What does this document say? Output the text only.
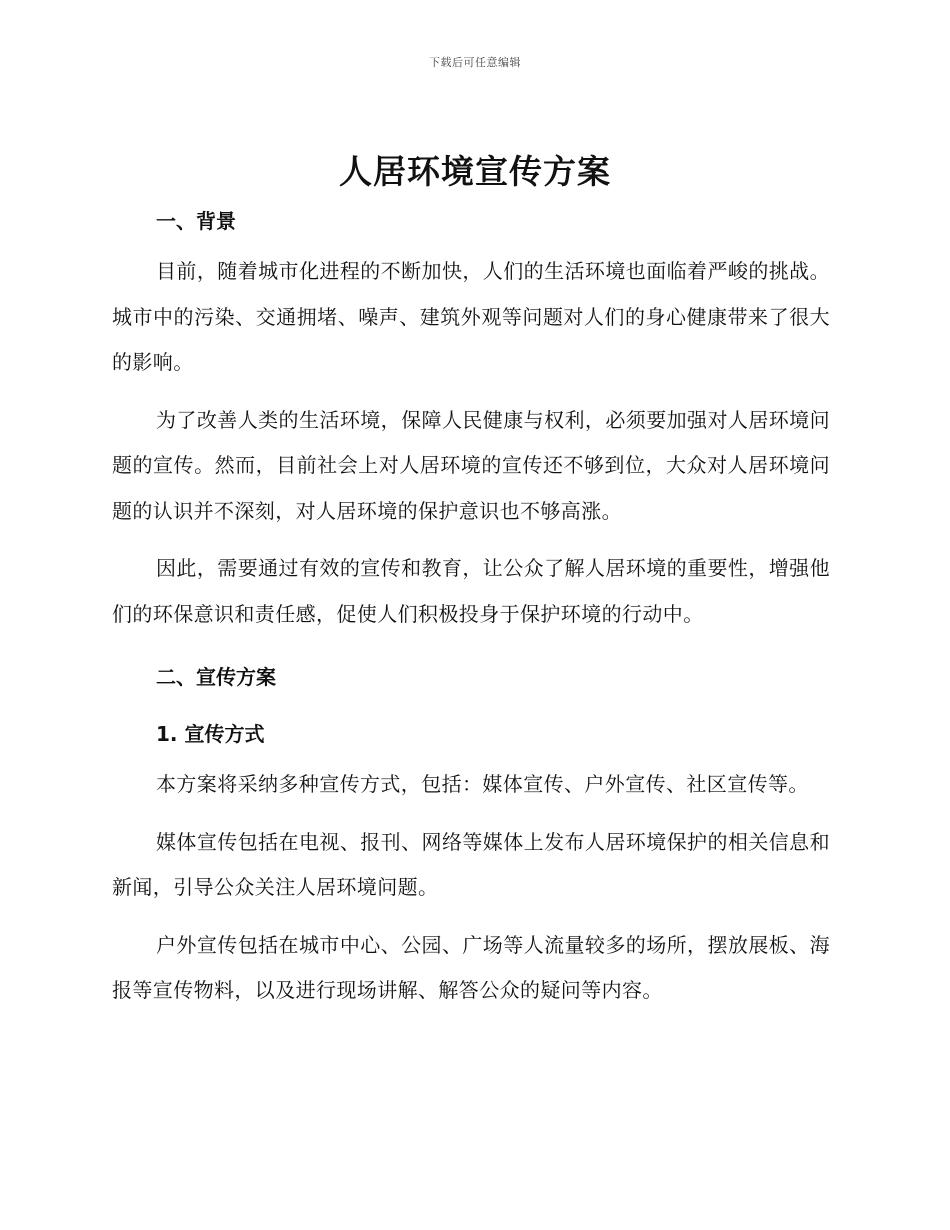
下载后可任意编辑
人居环境宣传方案
一、背景

目前，随着城市化进程的不断加快，人们的生活环境也面临着严峻的挑战。城市中的污染、交通拥堵、噪声、建筑外观等问题对人们的身心健康带来了很大的影响。

为了改善人类的生活环境，保障人民健康与权利，必须要加强对人居环境问题的宣传。然而，目前社会上对人居环境的宣传还不够到位，大众对人居环境问题的认识并不深刻，对人居环境的保护意识也不够高涨。

因此，需要通过有效的宣传和教育，让公众了解人居环境的重要性，增强他们的环保意识和责任感，促使人们积极投身于保护环境的行动中。

二、宣传方案
1. 宣传方式

本方案将采纳多种宣传方式，包括：媒体宣传、户外宣传、社区宣传等。

媒体宣传包括在电视、报刊、网络等媒体上发布人居环境保护的相关信息和新闻，引导公众关注人居环境问题。

户外宣传包括在城市中心、公园、广场等人流量较多的场所，摆放展板、海报等宣传物料，以及进行现场讲解、解答公众的疑问等内容。
